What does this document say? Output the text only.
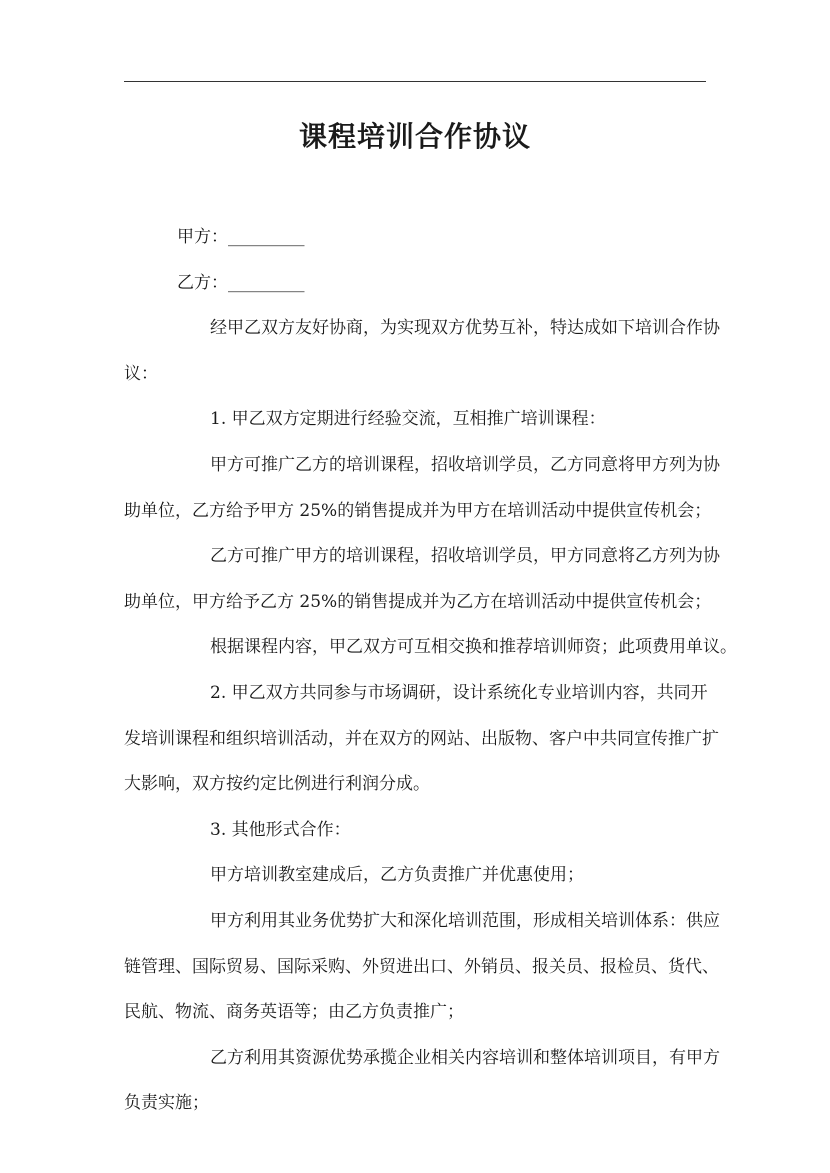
课程培训合作协议
甲方：_________
乙方：_________
经甲乙双方友好协商，为实现双方优势互补，特达成如下培训合作协
议：
1. 甲乙双方定期进行经验交流，互相推广培训课程：
甲方可推广乙方的培训课程，招收培训学员，乙方同意将甲方列为协
助单位，乙方给予甲方 25%的销售提成并为甲方在培训活动中提供宣传机会；
乙方可推广甲方的培训课程，招收培训学员，甲方同意将乙方列为协
助单位，甲方给予乙方 25%的销售提成并为乙方在培训活动中提供宣传机会；
根据课程内容，甲乙双方可互相交换和推荐培训师资；此项费用单议。
2. 甲乙双方共同参与市场调研，设计系统化专业培训内容，共同开
发培训课程和组织培训活动，并在双方的网站、出版物、客户中共同宣传推广扩
大影响，双方按约定比例进行利润分成。
3. 其他形式合作：
甲方培训教室建成后，乙方负责推广并优惠使用；
甲方利用其业务优势扩大和深化培训范围，形成相关培训体系：供应
链管理、国际贸易、国际采购、外贸进出口、外销员、报关员、报检员、货代、
民航、物流、商务英语等；由乙方负责推广；
乙方利用其资源优势承揽企业相关内容培训和整体培训项目，有甲方
负责实施；
